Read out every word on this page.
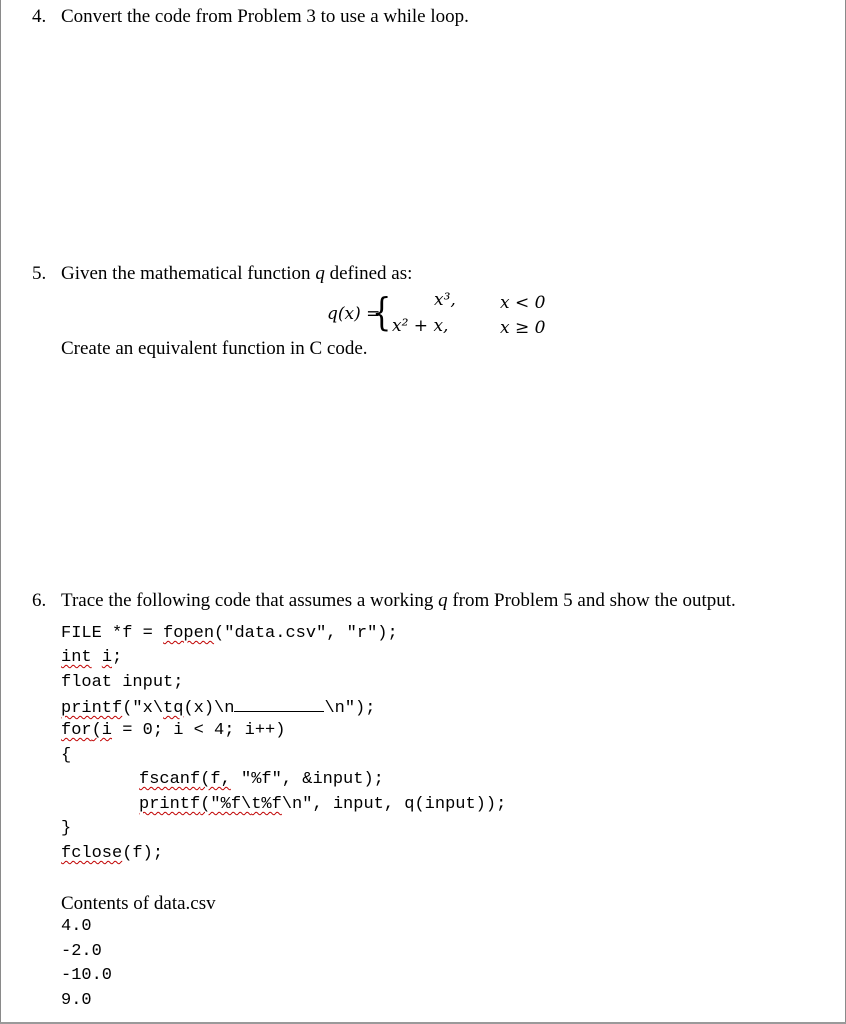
4. Convert the code from Problem 3 to use a while loop.
5. Given the mathematical function q defined as:
q(x) =
{	x³,	x < 0
x² + x,	x ≥ 0
Create an equivalent function in C code.
6. Trace the following code that assumes a working q from Problem 5 and show the output.
FILE *f = fopen("data.csv", "r");
int i;
float input;
printf("x\tq(x)\n	\n");
for(i = 0; i < 4; i++)
{
fscanf(f, "%f", &input);
printf("%f\t%f\n", input, q(input));
}
fclose(f);
Contents of data.csv
4.0
-2.0
-10.0
9.0
